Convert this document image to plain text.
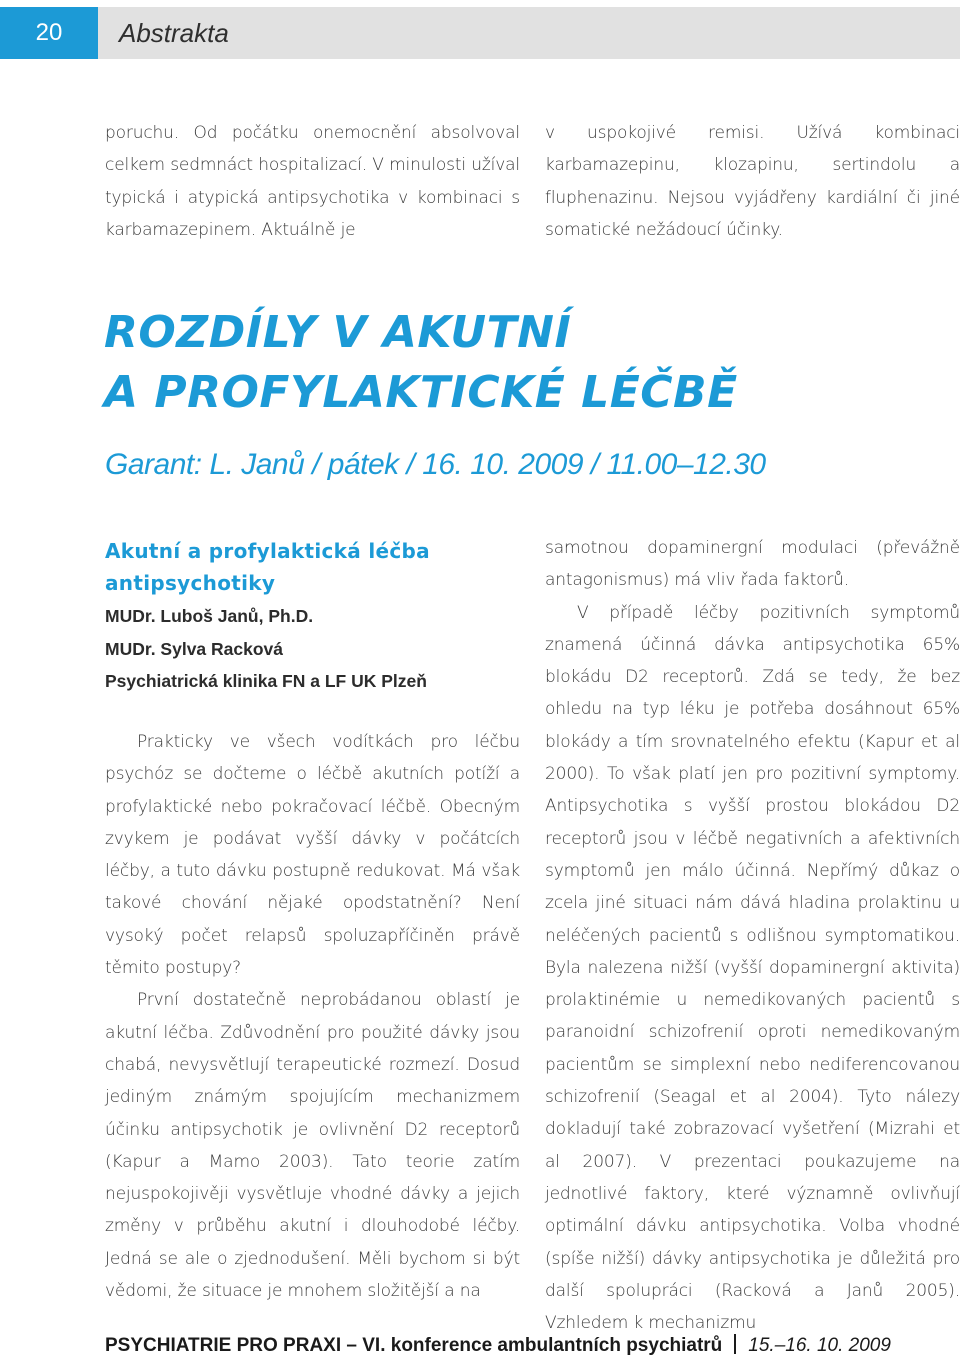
20	Abstrakta

poruchu. Od počátku onemocnění absolvoval celkem sedmnáct hospitalizací. V minulosti užíval typická i atypická antipsychotika v kombinaci s karbamazepinem. Aktuálně je

v uspokojivé remisi. Užívá kombinaci karbamazepinu, klozapinu, sertindolu a fluphenazinu. Nejsou vyjádřeny kardiální či jiné somatické nežádoucí účinky.

ROZDÍLY V AKUTNÍ
A PROFYLAKTICKÉ LÉČBĚ
Garant: L. Janů / pátek / 16. 10. 2009 / 11.00–12.30
Akutní a profylaktická léčba
antipsychotiky
MUDr. Luboš Janů, Ph.D.
MUDr. Sylva Racková
Psychiatrická klinika FN a LF UK Plzeň

Prakticky ve všech vodítkách pro léčbu psychóz se dočteme o léčbě akutních potíží a profylaktické nebo pokračovací léčbě. Obecným zvykem je podávat vyšší dávky v počátcích léčby, a tuto dávku postupně redukovat. Má však takové chování nějaké opodstatnění? Není vysoký počet relapsů spoluzapříčiněn právě těmito postupy?

První dostatečně neprobádanou oblastí je akutní léčba. Zdůvodnění pro použité dávky jsou chabá, nevysvětlují terapeutické rozmezí. Dosud jediným známým spojujícím mechanizmem účinku antipsychotik je ovlivnění D2 receptorů (Kapur a Mamo 2003). Tato teorie zatím nejuspokojivěji vysvětluje vhodné dávky a jejich změny v průběhu akutní i dlouhodobé léčby. Jedná se ale o zjednodušení. Měli bychom si být vědomi, že situace je mnohem složitější a na

samotnou dopaminergní modulaci (převážně antagonismus) má vliv řada faktorů.

V případě léčby pozitivních symptomů znamená účinná dávka antipsychotika 65% blokádu D2 receptorů. Zdá se tedy, že bez ohledu na typ léku je potřeba dosáhnout 65% blokády a tím srovnatelného efektu (Kapur et al 2000). To však platí jen pro pozitivní symptomy. Antipsychotika s vyšší prostou blokádou D2 receptorů jsou v léčbě negativních a afektivních symptomů jen málo účinná. Nepřímý důkaz o zcela jiné situaci nám dává hladina prolaktinu u neléčených pacientů s odlišnou symptomatikou. Byla nalezena nižší (vyšší dopaminergní aktivita) prolaktinémie u nemedikovaných pacientů s paranoidní schizofrenií oproti nemedikovaným pacientům se simplexní nebo nediferencovanou schizofrenií (Seagal et al 2004). Tyto nálezy dokladují také zobrazovací vyšetření (Mizrahi et al 2007). V prezentaci poukazujeme na jednotlivé faktory, které významně ovlivňují optimální dávku antipsychotika. Volba vhodné (spíše nižší) dávky antipsychotika je důležitá pro další spolupráci (Racková a Janů 2005). Vzhledem k mechanizmu

PSYCHIATRIE PRO PRAXI – VI. konference ambulantních psychiatrů 15.–16. 10. 2009
